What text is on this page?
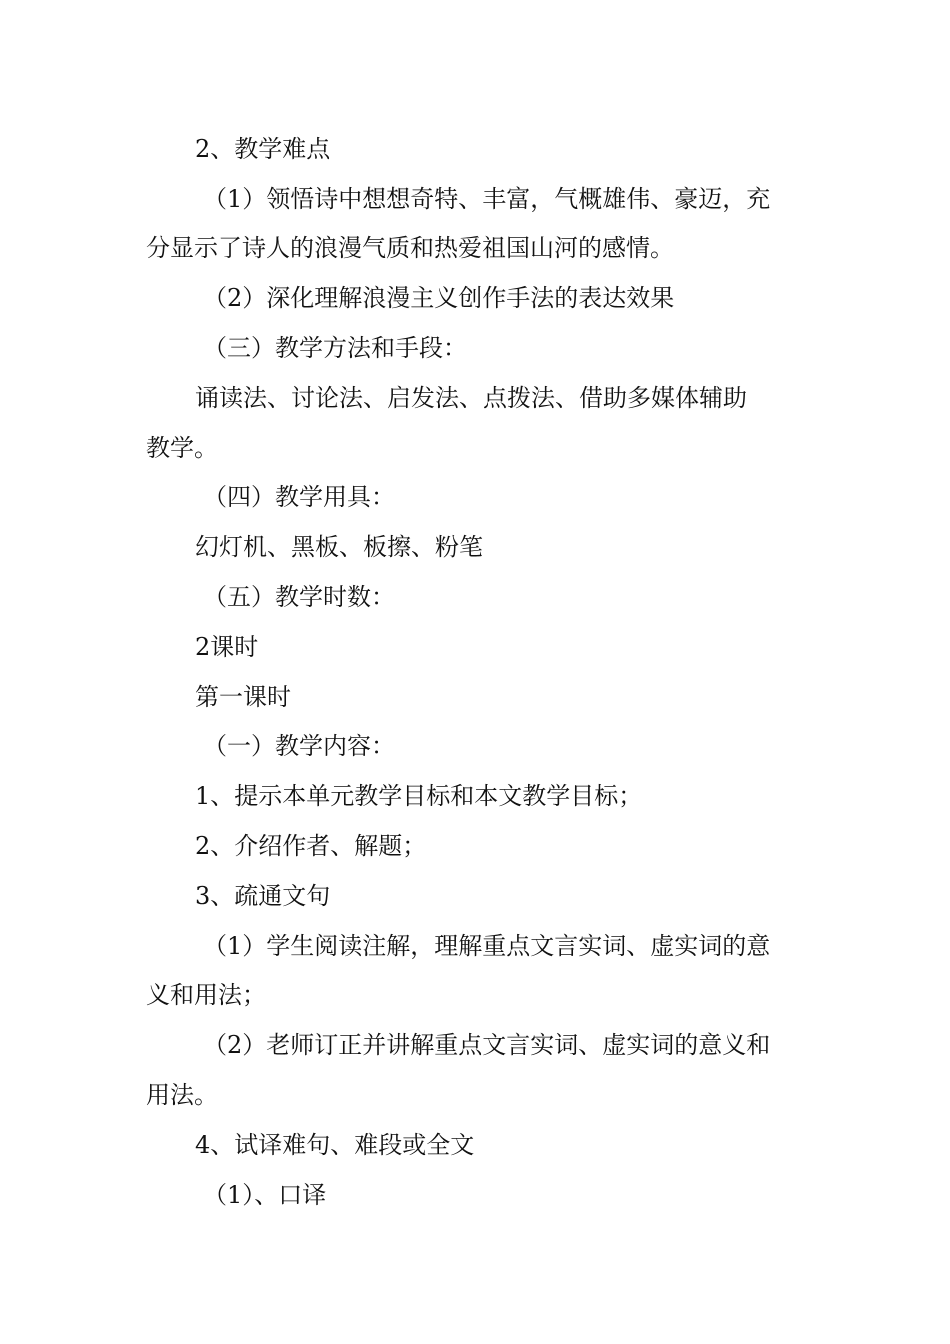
2、教学难点
（1）领悟诗中想想奇特、丰富，气概雄伟、豪迈，充
分显示了诗人的浪漫气质和热爱祖国山河的感情。
（2）深化理解浪漫主义创作手法的表达效果
（三）教学方法和手段：
诵读法、讨论法、启发法、点拨法、借助多媒体辅助
教学。
（四）教学用具：
幻灯机、黑板、板擦、粉笔
（五）教学时数：
2课时
第一课时
（一）教学内容：
1、提示本单元教学目标和本文教学目标；
2、介绍作者、解题；
3、疏通文句
（1）学生阅读注解，理解重点文言实词、虚实词的意
义和用法；
（2）老师订正并讲解重点文言实词、虚实词的意义和
用法。
4、试译难句、难段或全文
（1）、口译
